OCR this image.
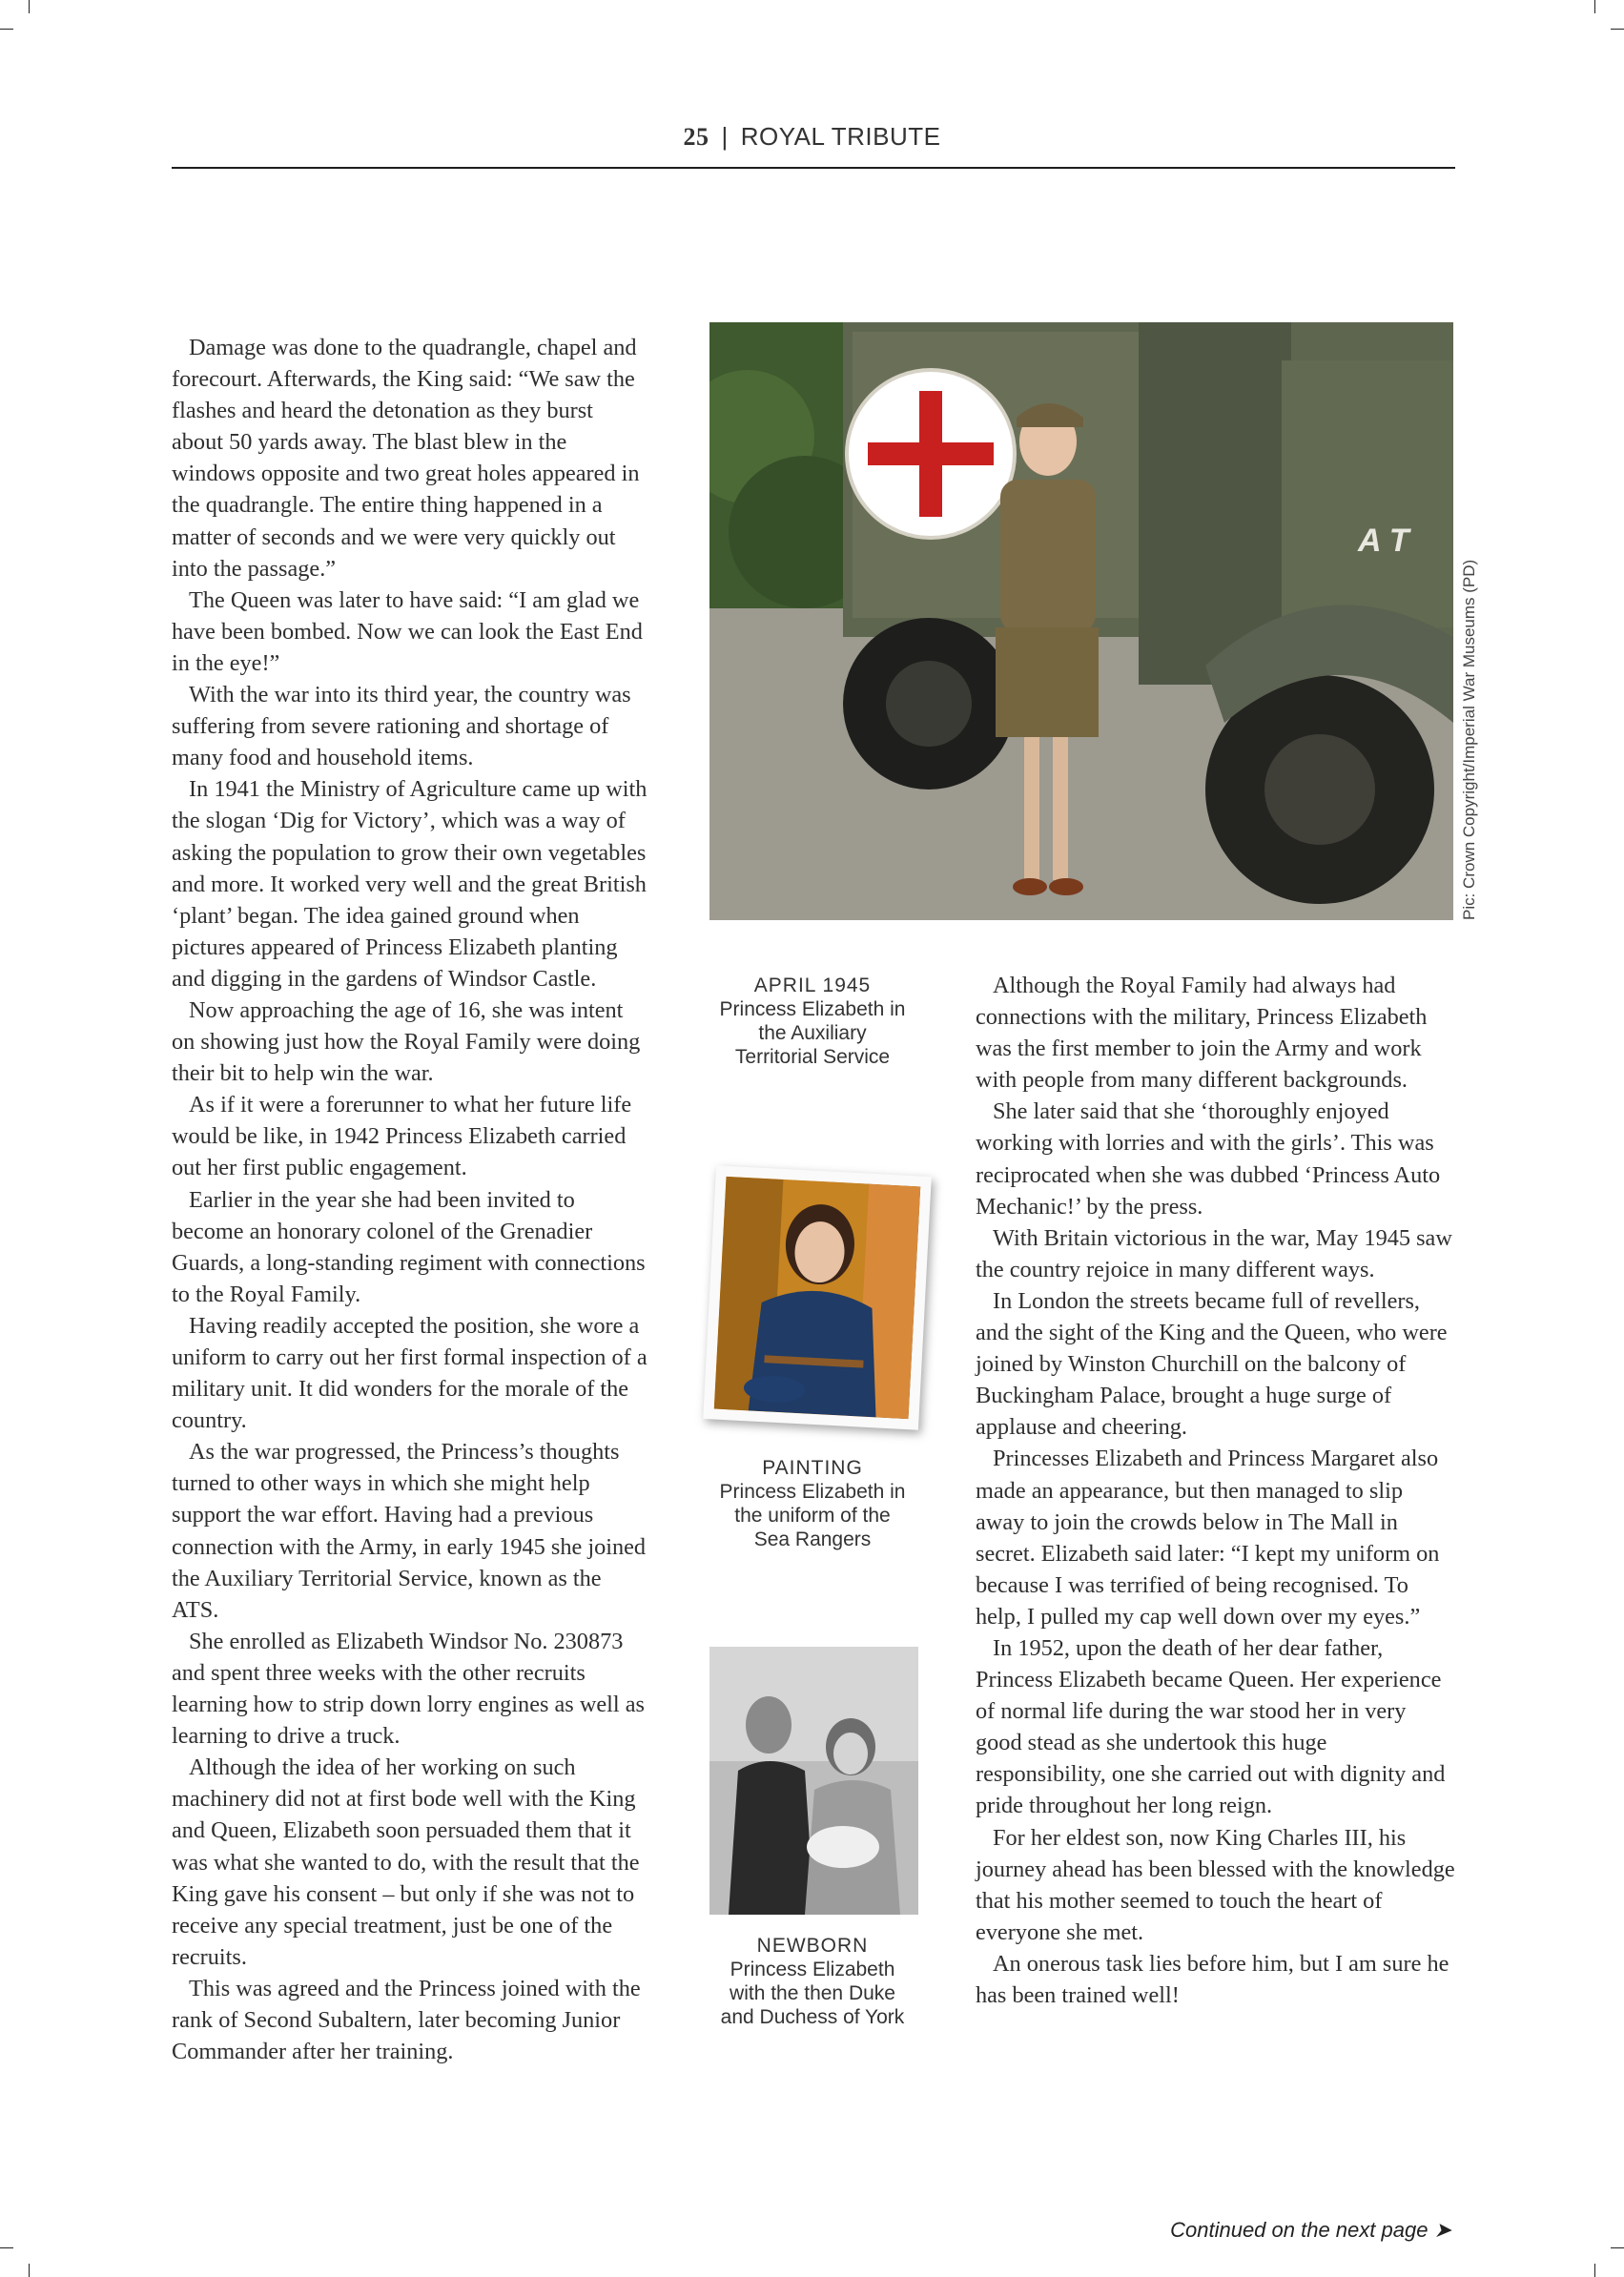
25 | ROYAL TRIBUTE

Damage was done to the quadrangle, chapel and forecourt. Afterwards, the King said: “We saw the flashes and heard the detonation as they burst about 50 yards away. The blast blew in the windows opposite and two great holes appeared in the quadrangle. The entire thing happened in a matter of seconds and we were very quickly out into the passage.”

The Queen was later to have said: “I am glad we have been bombed. Now we can look the East End in the eye!”

With the war into its third year, the country was suffering from severe rationing and shortage of many food and household items.

In 1941 the Ministry of Agriculture came up with the slogan ‘Dig for Victory’, which was a way of asking the population to grow their own vegetables and more. It worked very well and the great British ‘plant’ began. The idea gained ground when pictures appeared of Princess Elizabeth planting and digging in the gardens of Windsor Castle.

Now approaching the age of 16, she was intent on showing just how the Royal Family were doing their bit to help win the war.

As if it were a forerunner to what her future life would be like, in 1942 Princess Elizabeth carried out her first public engagement.

Earlier in the year she had been invited to become an honorary colonel of the Grenadier Guards, a long-standing regiment with connections to the Royal Family.

Having readily accepted the position, she wore a uniform to carry out her first formal inspection of a military unit. It did wonders for the morale of the country.

As the war progressed, the Princess’s thoughts turned to other ways in which she might help support the war effort. Having had a previous connection with the Army, in early 1945 she joined the Auxiliary Territorial Service, known as the ATS.

She enrolled as Elizabeth Windsor No. 230873 and spent three weeks with the other recruits learning how to strip down lorry engines as well as learning to drive a truck.

Although the idea of her working on such machinery did not at first bode well with the King and Queen, Elizabeth soon persuaded them that it was what she wanted to do, with the result that the King gave his consent – but only if she was not to receive any special treatment, just be one of the recruits.

This was agreed and the Princess joined with the rank of Second Subaltern, later becoming Junior Commander after her training.

A T
Pic: Crown Copyright/Imperial War Museums (PD)
APRIL 1945
Princess Elizabeth in the Auxiliary Territorial Service
PAINTING
Princess Elizabeth in the uniform of the Sea Rangers
NEWBORN
Princess Elizabeth with the then Duke and Duchess of York

Although the Royal Family had always had connections with the military, Princess Elizabeth was the first member to join the Army and work with people from many different backgrounds.

She later said that she ‘thoroughly enjoyed working with lorries and with the girls’. This was reciprocated when she was dubbed ‘Princess Auto Mechanic!’ by the press.

With Britain victorious in the war, May 1945 saw the country rejoice in many different ways.

In London the streets became full of revellers, and the sight of the King and the Queen, who were joined by Winston Churchill on the balcony of Buckingham Palace, brought a huge surge of applause and cheering.

Princesses Elizabeth and Princess Margaret also made an appearance, but then managed to slip away to join the crowds below in The Mall in secret. Elizabeth said later: “I kept my uniform on because I was terrified of being recognised. To help, I pulled my cap well down over my eyes.”

In 1952, upon the death of her dear father, Princess Elizabeth became Queen. Her experience of normal life during the war stood her in very good stead as she undertook this huge responsibility, one she carried out with dignity and pride throughout her long reign.

For her eldest son, now King Charles III, his journey ahead has been blessed with the knowledge that his mother seemed to touch the heart of everyone she met.

An onerous task lies before him, but I am sure he has been trained well!

Continued on the next page ➤
